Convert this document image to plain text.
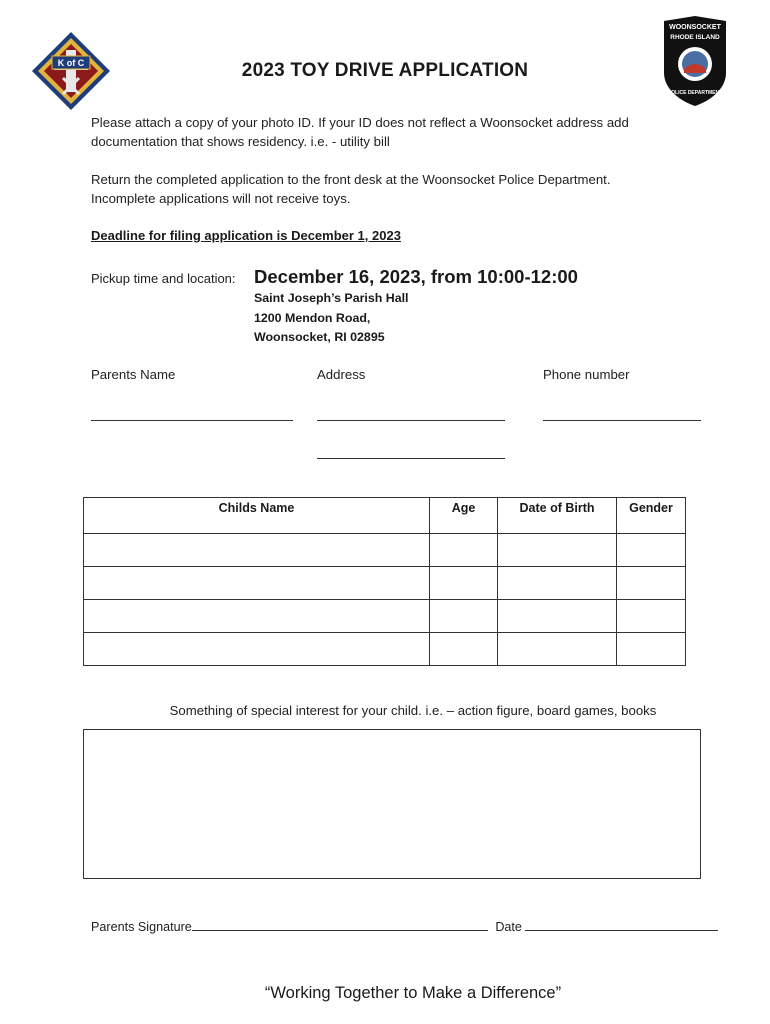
K of C
WOONSOCKET
RHODE ISLAND
POLICE DEPARTMENT
2023 TOY DRIVE APPLICATION
Please attach a copy of your photo ID. If your ID does not reflect a Woonsocket address add
documentation that shows residency. i.e. - utility bill
Return the completed application to the front desk at the Woonsocket Police Department.
Incomplete applications will not receive toys.
Deadline for filing application is December 1, 2023
Pickup time and location: December 16, 2023, from 10:00-12:00
Saint Joseph’s Parish Hall
1200 Mendon Road,
Woonsocket, RI 02895
Parents Name	Address	Phone number
Childs Name	Age	Date of Birth	Gender

Something of special interest for your child. i.e. – action figure, board games, books
Parents Signature	Date
“Working Together to Make a Difference”
